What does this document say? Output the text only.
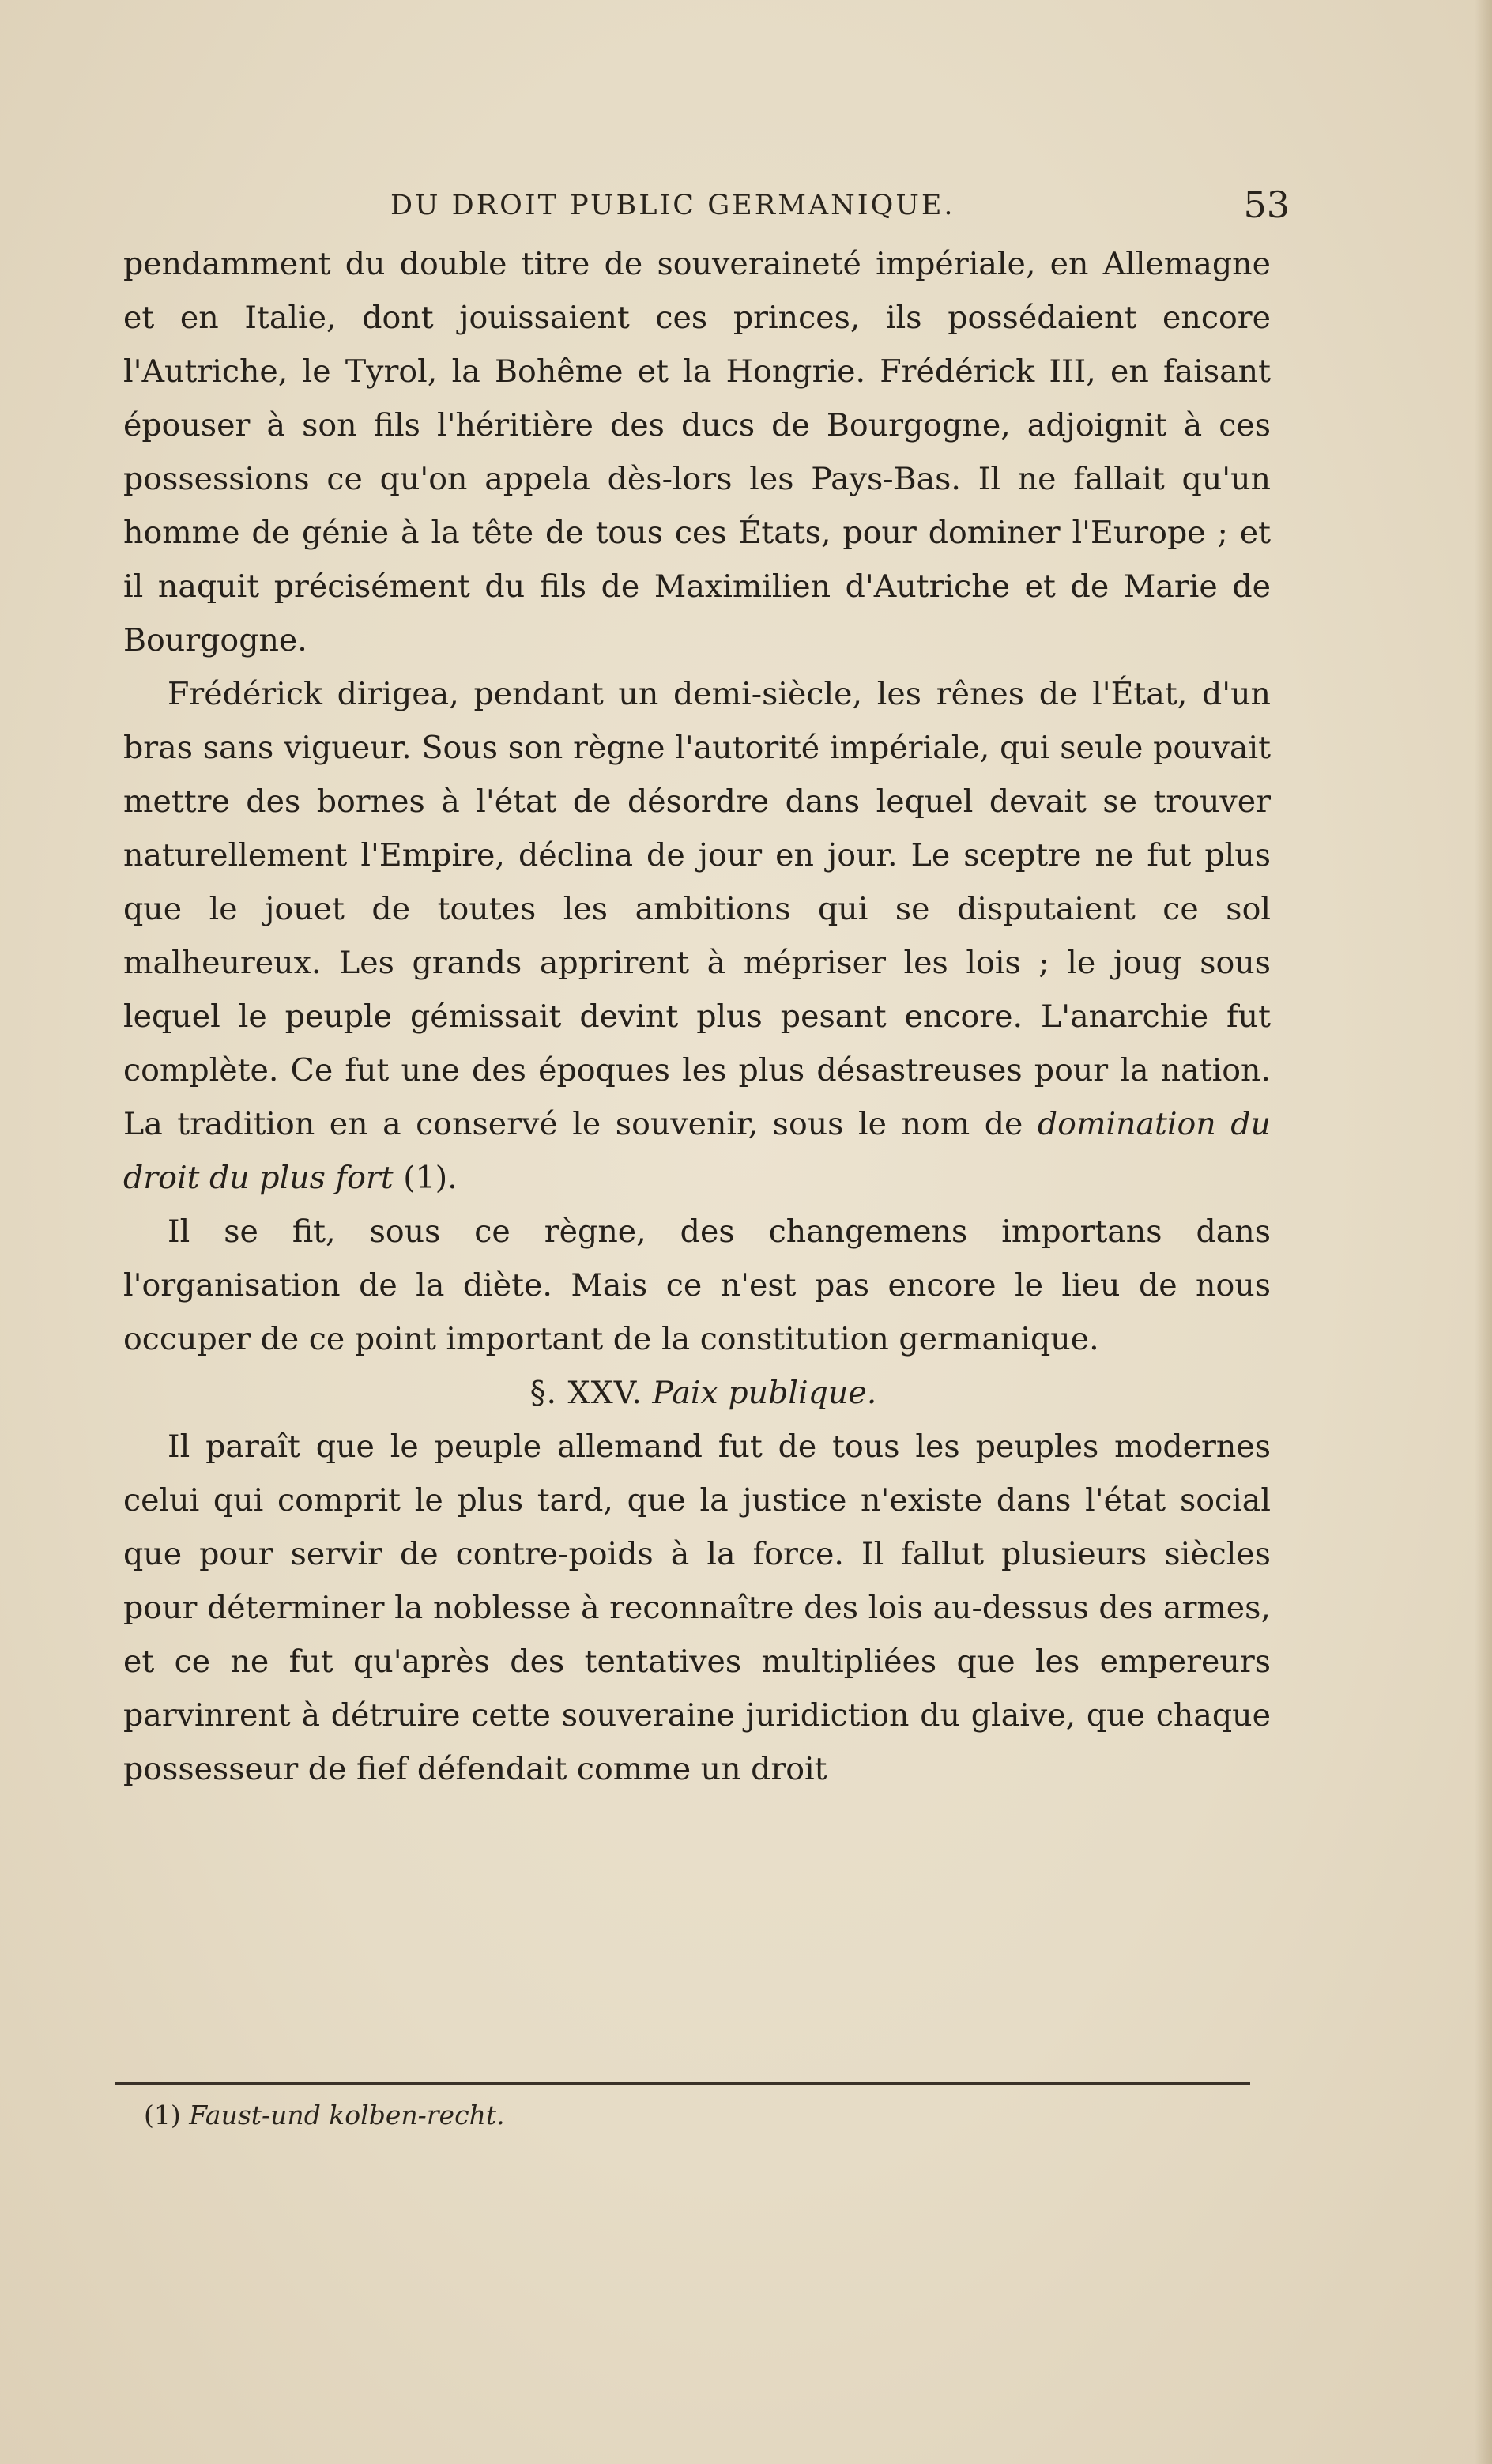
DU DROIT PUBLIC GERMANIQUE.	53

pendamment du double titre de souveraineté impériale, en Allemagne et en Italie, dont jouissaient ces princes, ils possédaient encore l'Autriche, le Tyrol, la Bohême et la Hongrie. Frédérick III, en faisant épouser à son fils l'héritière des ducs de Bourgogne, adjoignit à ces possessions ce qu'on appela dès-lors les Pays-Bas. Il ne fallait qu'un homme de génie à la tête de tous ces États, pour dominer l'Europe ; et il naquit précisément du fils de Maximilien d'Autriche et de Marie de Bourgogne.

Frédérick dirigea, pendant un demi-siècle, les rênes de l'État, d'un bras sans vigueur. Sous son règne l'autorité impériale, qui seule pouvait mettre des bornes à l'état de désordre dans lequel devait se trouver naturellement l'Empire, déclina de jour en jour. Le sceptre ne fut plus que le jouet de toutes les ambitions qui se disputaient ce sol malheureux. Les grands apprirent à mépriser les lois ; le joug sous lequel le peuple gémissait devint plus pesant encore. L'anarchie fut complète. Ce fut une des époques les plus désastreuses pour la nation. La tradition en a conservé le souvenir, sous le nom de domination du droit du plus fort (1).

Il se fit, sous ce règne, des changemens importans dans l'organisation de la diète. Mais ce n'est pas encore le lieu de nous occuper de ce point important de la constitution germanique.

§. XXV. Paix publique.

Il paraît que le peuple allemand fut de tous les peuples modernes celui qui comprit le plus tard, que la justice n'existe dans l'état social que pour servir de contre-poids à la force. Il fallut plusieurs siècles pour déterminer la noblesse à reconnaître des lois au-dessus des armes, et ce ne fut qu'après des tentatives multipliées que les empereurs parvinrent à détruire cette souveraine juridiction du glaive, que chaque possesseur de fief défendait comme un droit

(1) Faust-und kolben-recht.
